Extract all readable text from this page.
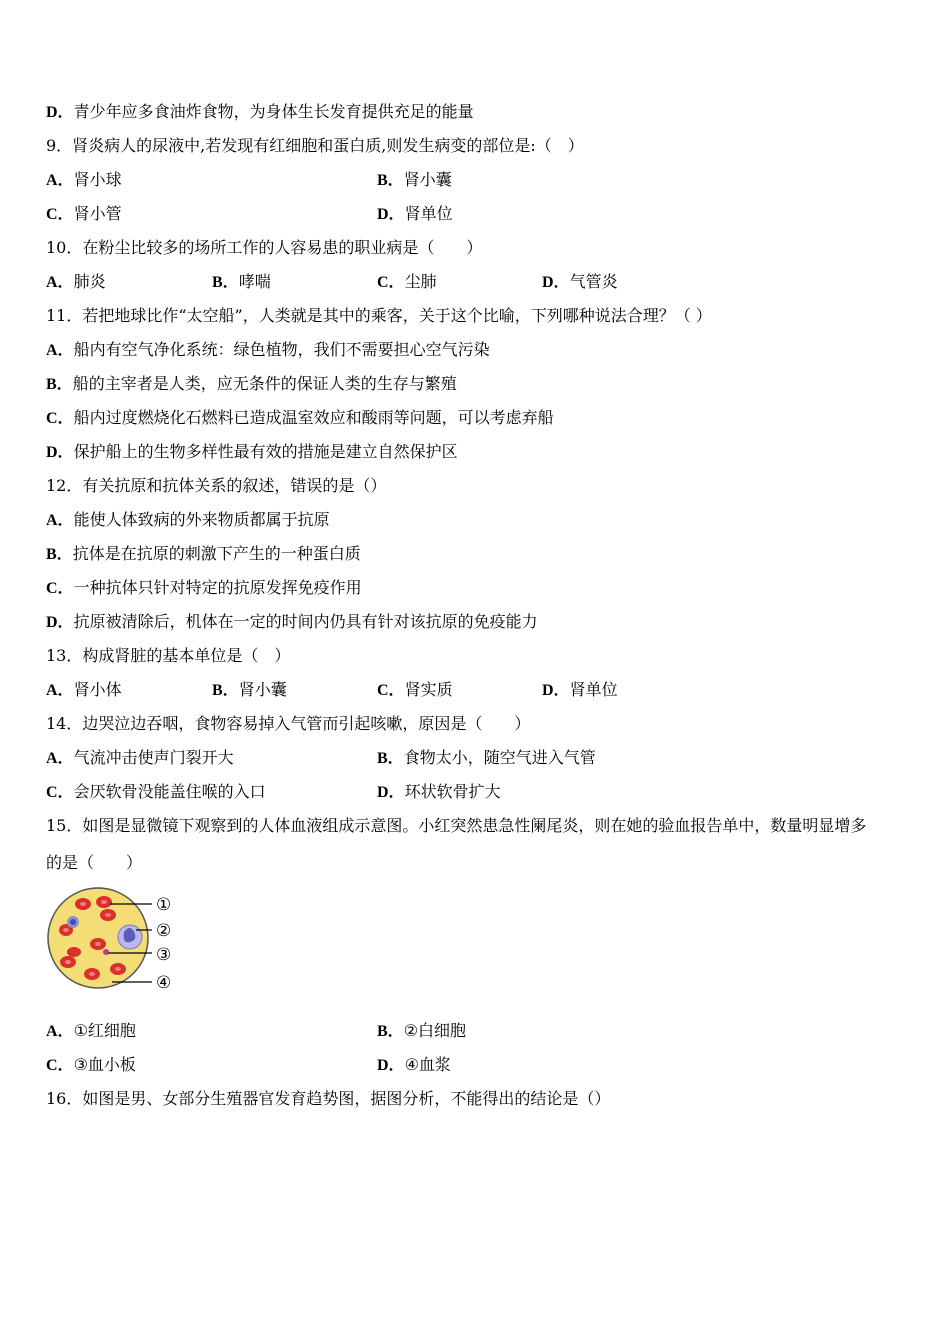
D．青少年应多食油炸食物，为身体生长发育提供充足的能量
9．肾炎病人的尿液中,若发现有红细胞和蛋白质,则发生病变的部位是:（　）
A．肾小球	B．肾小囊
C．肾小管	D．肾单位
10．在粉尘比较多的场所工作的人容易患的职业病是（　　）
A．肺炎	B．哮喘	C．尘肺	D．气管炎
11．若把地球比作“太空船”，人类就是其中的乘客，关于这个比喻，下列哪种说法合理？（ ）
A．船内有空气净化系统：绿色植物，我们不需要担心空气污染
B．船的主宰者是人类，应无条件的保证人类的生存与繁殖
C．船内过度燃烧化石燃料已造成温室效应和酸雨等问题，可以考虑弃船
D．保护船上的生物多样性最有效的措施是建立自然保护区
12．有关抗原和抗体关系的叙述，错误的是（）
A．能使人体致病的外来物质都属于抗原
B．抗体是在抗原的刺激下产生的一种蛋白质
C．一种抗体只针对特定的抗原发挥免疫作用
D．抗原被清除后，机体在一定的时间内仍具有针对该抗原的免疫能力
13．构成肾脏的基本单位是（　）
A．肾小体	B．肾小囊	C．肾实质	D．肾单位
14．边哭泣边吞咽，食物容易掉入气管而引起咳嗽，原因是（　　）
A．气流冲击使声门裂开大	B．食物太小，随空气进入气管
C．会厌软骨没能盖住喉的入口	D．环状软骨扩大
15．如图是显微镜下观察到的人体血液组成示意图。小红突然患急性阑尾炎，则在她的验血报告单中，数量明显增多
的是（　　）
①
②
③
④
A．①红细胞	B．②白细胞
C．③血小板	D．④血浆
16．如图是男、女部分生殖器官发育趋势图，据图分析，不能得出的结论是（）
